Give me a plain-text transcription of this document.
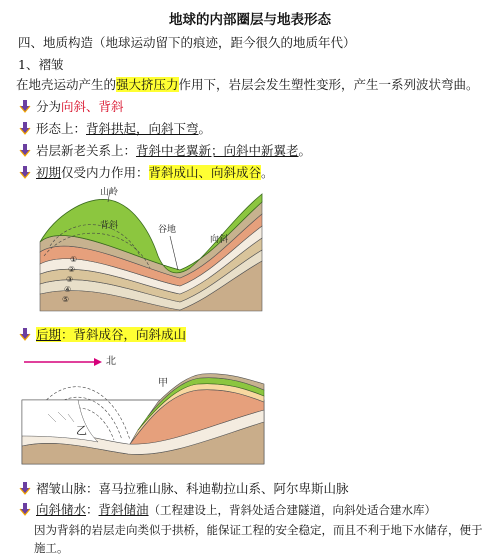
地球的内部圈层与地表形态
四、地质构造（地球运动留下的痕迹，距今很久的地质年代）
1、褶皱
在地壳运动产生的强大挤压力作用下，岩层会发生塑性变形，产生一系列波状弯曲。
分为向斜、背斜
形态上：背斜拱起，向斜下弯。
岩层新老关系上：背斜中老翼新；向斜中新翼老。
初期仅受内力作用：背斜成山、向斜成谷。
①
②
③
④
⑤
山岭
背斜	谷地
向斜
后期：背斜成谷，向斜成山
北
乙
甲
褶皱山脉：喜马拉雅山脉、科迪勒拉山系、阿尔卑斯山脉
向斜储水：背斜储油（工程建设上，背斜处适合建隧道，向斜处适合建水库）
因为背斜的岩层走向类似于拱桥，能保证工程的安全稳定，而且不利于地下水储存，便于施工。
